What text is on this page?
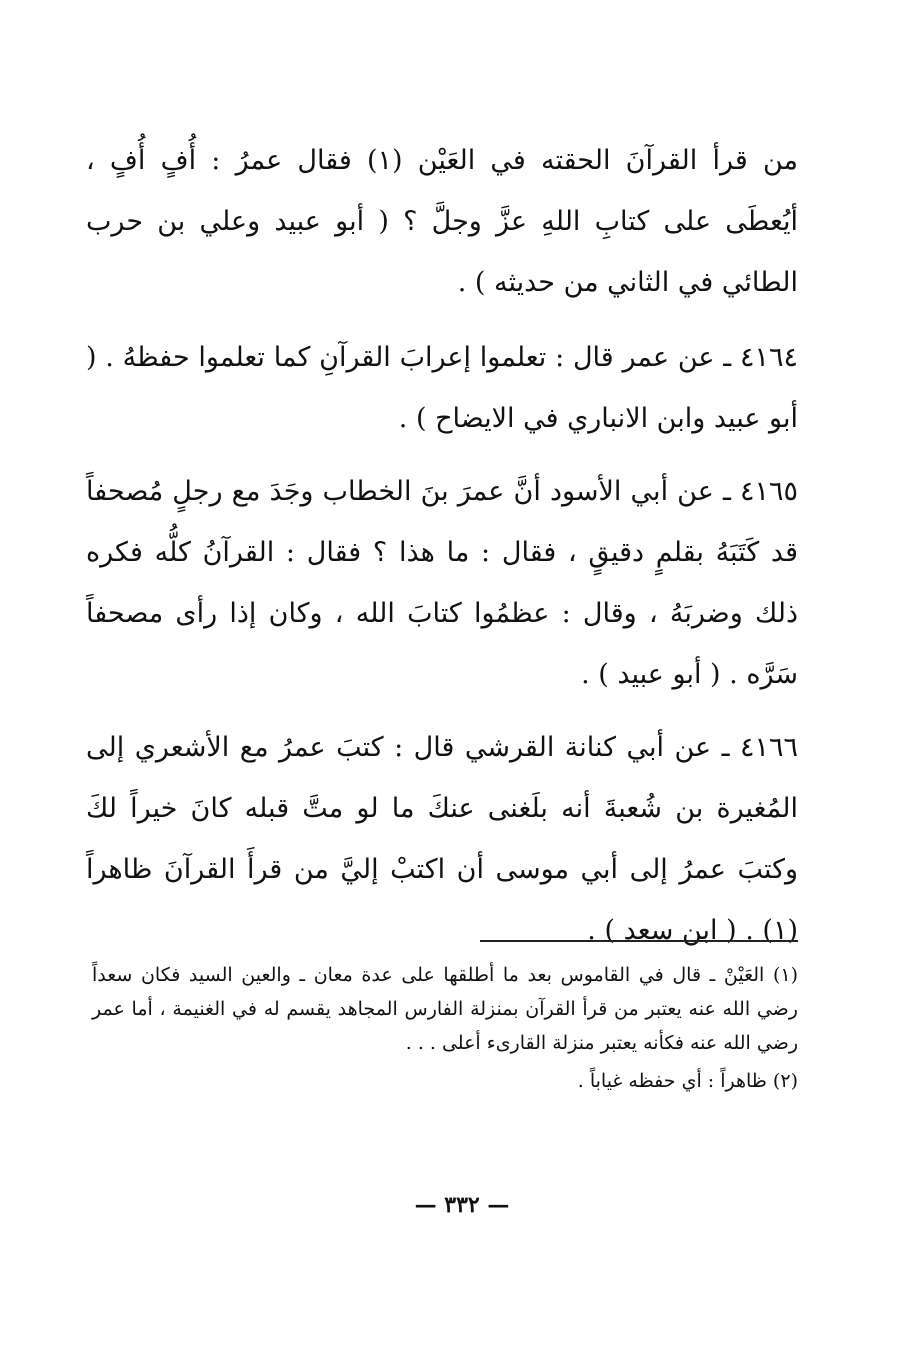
من قرأ القرآنَ الحقته في العَيْن (١) فقال عمرُ : أُفٍ أُفٍ ، أيُعطَى على كتابِ اللهِ عزَّ وجلَّ ؟ ( أبو عبيد وعلي بن حرب الطائي في الثاني من حديثه ) .

٤١٦٤ ـ عن عمر قال : تعلموا إعرابَ القرآنِ كما تعلموا حفظهُ . ( أبو عبيد وابن الانباري في الايضاح ) .

٤١٦٥ ـ عن أبي الأسود أنَّ عمرَ بنَ الخطاب وجَدَ مع رجلٍ مُصحفاً قد كَتَبَهُ بقلمٍ دقيقٍ ، فقال : ما هذا ؟ فقال : القرآنُ كلُّه فكره ذلك وضربَهُ ، وقال : عظمُوا كتابَ الله ، وكان إذا رأى مصحفاً سَرَّه . ( أبو عبيد ) .

٤١٦٦ ـ عن أبي كنانة القرشي قال : كتبَ عمرُ مع الأشعري إلى المُغيرة بن شُعبةَ أنه بلَغنى عنكَ ما لو متَّ قبله كانَ خيراً لكَ وكتبَ عمرُ إلى أبي موسى أن اكتبْ إليَّ من قرأَ القرآنَ ظاهراً (١) . ( ابن سعد ) .

(١) العَيْنْ ـ قال في القاموس بعد ما أطلقها على عدة معان ـ والعين السيد فكان سعداً رضي الله عنه يعتبر من قرأ القرآن بمنزلة الفارس المجاهد يقسم له في الغنيمة ، أما عمر رضي الله عنه فكأنه يعتبر منزلة القارىء أعلى . . .

(٢) ظاهراً : أي حفظه غياباً .

— ٣٣٢ —
